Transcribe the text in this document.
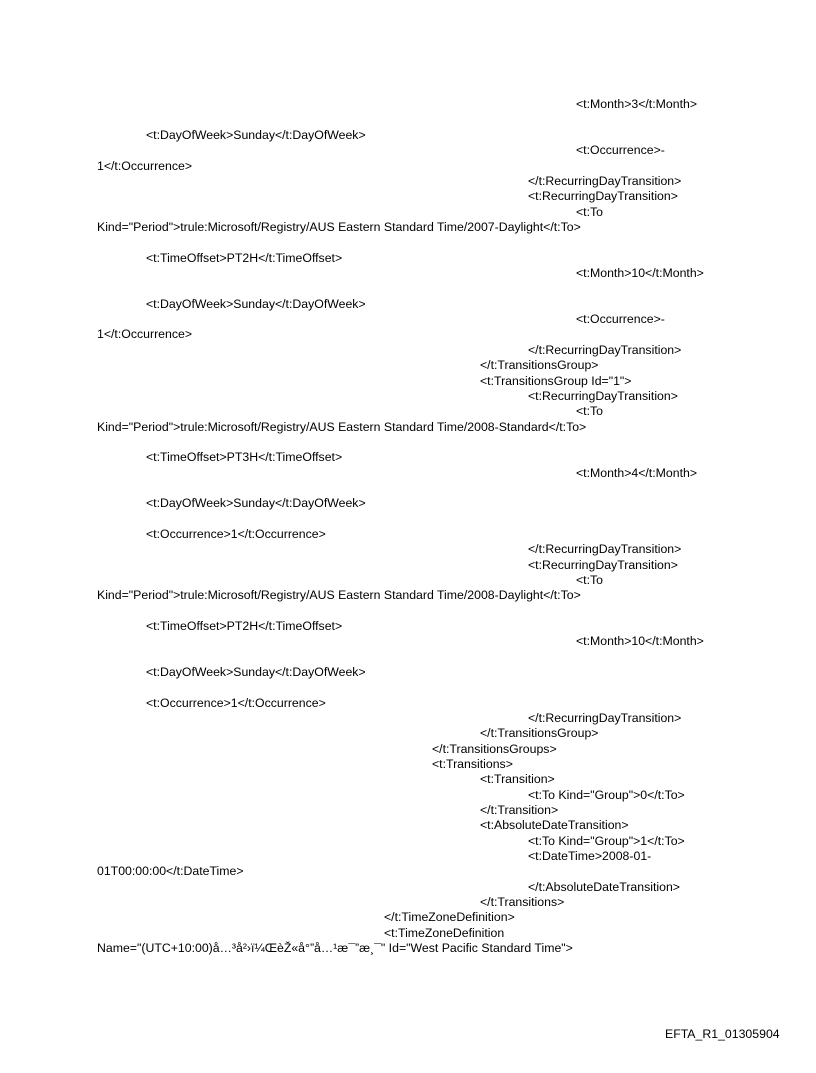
<t:Month>3</t:Month>
<t:DayOfWeek>Sunday</t:DayOfWeek>
<t:Occurrence>-
1</t:Occurrence>
</t:RecurringDayTransition>
<t:RecurringDayTransition>
<t:To
Kind="Period">trule:Microsoft/Registry/AUS Eastern Standard Time/2007-Daylight</t:To>
<t:TimeOffset>PT2H</t:TimeOffset>
<t:Month>10</t:Month>
<t:DayOfWeek>Sunday</t:DayOfWeek>
<t:Occurrence>-
1</t:Occurrence>
</t:RecurringDayTransition>
</t:TransitionsGroup>
<t:TransitionsGroup Id="1">
<t:RecurringDayTransition>
<t:To
Kind="Period">trule:Microsoft/Registry/AUS Eastern Standard Time/2008-Standard</t:To>
<t:TimeOffset>PT3H</t:TimeOffset>
<t:Month>4</t:Month>
<t:DayOfWeek>Sunday</t:DayOfWeek>
<t:Occurrence>1</t:Occurrence>
</t:RecurringDayTransition>
<t:RecurringDayTransition>
<t:To
Kind="Period">trule:Microsoft/Registry/AUS Eastern Standard Time/2008-Daylight</t:To>
<t:TimeOffset>PT2H</t:TimeOffset>
<t:Month>10</t:Month>
<t:DayOfWeek>Sunday</t:DayOfWeek>
<t:Occurrence>1</t:Occurrence>
</t:RecurringDayTransition>
</t:TransitionsGroup>
</t:TransitionsGroups>
<t:Transitions>
<t:Transition>
<t:To Kind="Group">0</t:To>
</t:Transition>
<t:AbsoluteDateTransition>
<t:To Kind="Group">1</t:To>
<t:DateTime>2008-01-
01T00:00:00</t:DateTime>
</t:AbsoluteDateTransition>
</t:Transitions>
</t:TimeZoneDefinition>
<t:TimeZoneDefinition
Name="(UTC+10:00)å…³å²›ï¼ŒèŽ«å°”å…¹æ¯”æ¸¯" Id="West Pacific Standard Time">
EFTA_R1_01305904
